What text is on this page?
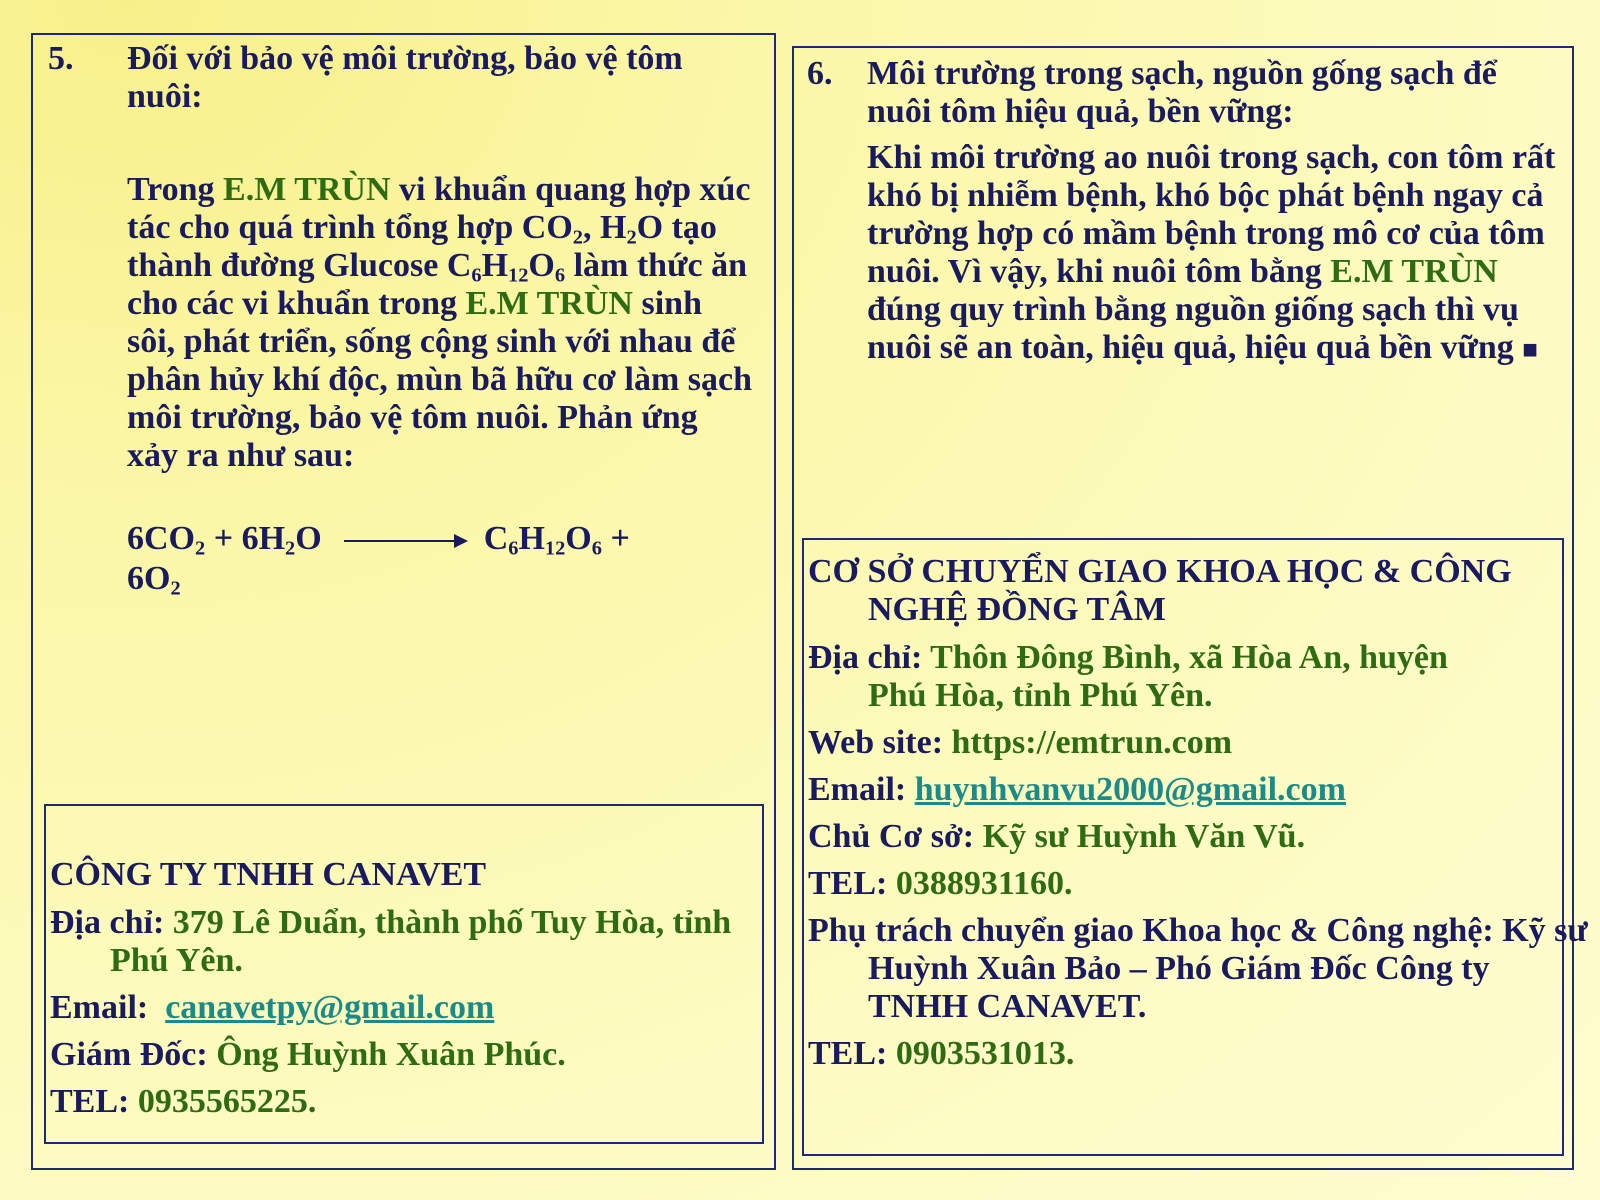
5. Đối với bảo vệ môi trường, bảo vệ tôm nuôi:
Trong E.M TRÙN vi khuẩn quang hợp xúc tác cho quá trình tổng hợp $CO_2$, $H_2O$ tạo thành đường Glucose $C_6H_{12}O_6$ làm thức ăn cho các vi khuẩn trong E.M TRÙN sinh sôi, phát triển, sống cộng sinh với nhau để phân hủy khí độc, mùn bã hữu cơ làm sạch môi trường, bảo vệ tôm nuôi. Phản ứng xảy ra như sau:
$6CO_2 + 6H_2O \to C_6H_{12}O_6$ +
$6O_2$
CÔNG TY TNHH CANAVET
Địa chỉ: 379 Lê Duẩn, thành phố Tuy Hòa, tỉnh Phú Yên.
Email: canavetpy@gmail.com
Giám Đốc: Ông Huỳnh Xuân Phúc.
TEL: 0935565225.
6. Môi trường trong sạch, nguồn gống sạch để nuôi tôm hiệu quả, bền vững:
Khi môi trường ao nuôi trong sạch, con tôm rất khó bị nhiễm bệnh, khó bộc phát bệnh ngay cả trường hợp có mầm bệnh trong mô cơ của tôm nuôi. Vì vậy, khi nuôi tôm bằng E.M TRÙN đúng quy trình bằng nguồn giống sạch thì vụ nuôi sẽ an toàn, hiệu quả, hiệu quả bền vững ■
CƠ SỞ CHUYỂN GIAO KHOA HỌC & CÔNG NGHỆ ĐỒNG TÂM
Địa chỉ: Thôn Đông Bình, xã Hòa An, huyện Phú Hòa, tỉnh Phú Yên.
Web site: https://emtrun.com
Email: huynhvanvu2000@gmail.com
Chủ Cơ sở: Kỹ sư Huỳnh Văn Vũ.
TEL: 0388931160.
Phụ trách chuyển giao Khoa học & Công nghệ: Kỹ sư Huỳnh Xuân Bảo – Phó Giám Đốc Công ty TNHH CANAVET.
TEL: 0903531013.
